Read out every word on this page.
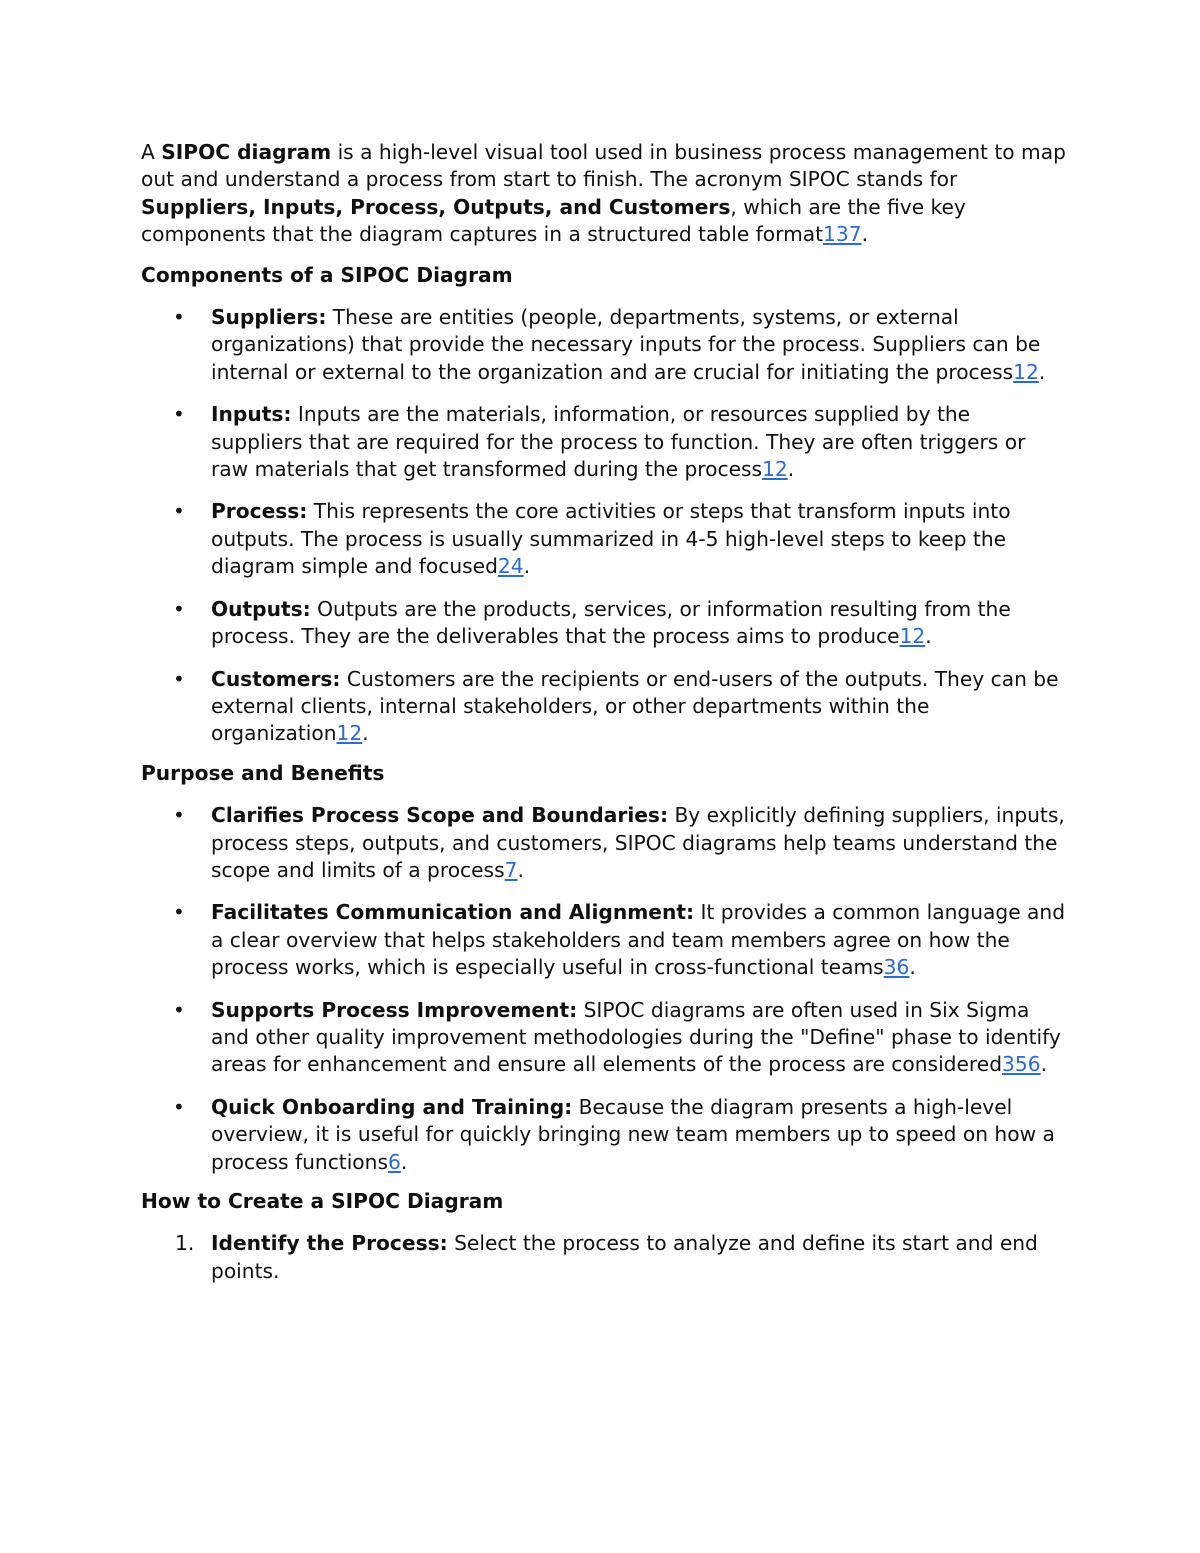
A SIPOC diagram is a high-level visual tool used in business process management to map out and understand a process from start to finish. The acronym SIPOC stands for Suppliers, Inputs, Process, Outputs, and Customers, which are the five key components that the diagram captures in a structured table format137.

Components of a SIPOC Diagram

• Suppliers: These are entities (people, departments, systems, or external organizations) that provide the necessary inputs for the process. Suppliers can be internal or external to the organization and are crucial for initiating the process12.
• Inputs: Inputs are the materials, information, or resources supplied by the suppliers that are required for the process to function. They are often triggers or raw materials that get transformed during the process12.
• Process: This represents the core activities or steps that transform inputs into outputs. The process is usually summarized in 4-5 high-level steps to keep the diagram simple and focused24.
• Outputs: Outputs are the products, services, or information resulting from the process. They are the deliverables that the process aims to produce12.
• Customers: Customers are the recipients or end-users of the outputs. They can be external clients, internal stakeholders, or other departments within the organization12.

Purpose and Benefits

• Clarifies Process Scope and Boundaries: By explicitly defining suppliers, inputs, process steps, outputs, and customers, SIPOC diagrams help teams understand the scope and limits of a process7.
• Facilitates Communication and Alignment: It provides a common language and a clear overview that helps stakeholders and team members agree on how the process works, which is especially useful in cross-functional teams36.
• Supports Process Improvement: SIPOC diagrams are often used in Six Sigma and other quality improvement methodologies during the "Define" phase to identify areas for enhancement and ensure all elements of the process are considered356.
• Quick Onboarding and Training: Because the diagram presents a high-level overview, it is useful for quickly bringing new team members up to speed on how a process functions6.

How to Create a SIPOC Diagram

1. Identify the Process: Select the process to analyze and define its start and end points.
